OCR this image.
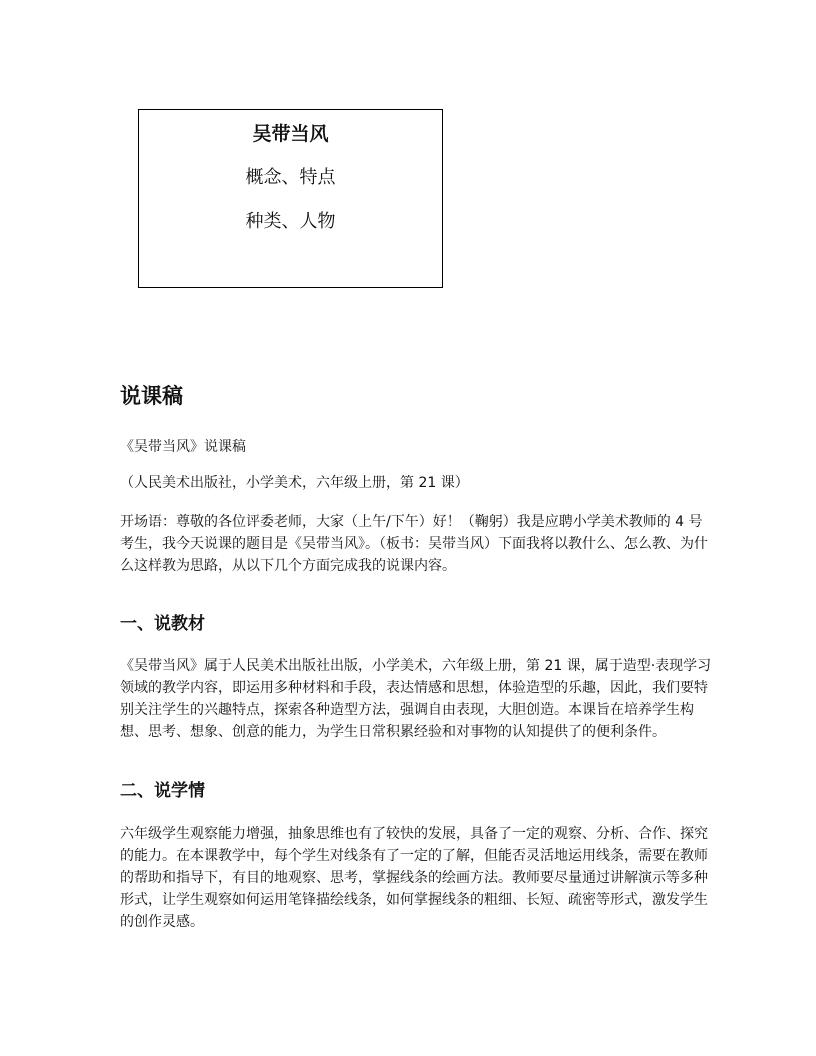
吴带当风
概念、特点
种类、人物
说课稿

《吴带当风》说课稿

（人民美术出版社，小学美术，六年级上册，第 21 课）

开场语：尊敬的各位评委老师，大家（上午/下午）好！（鞠躬）我是应聘小学美术教师的 4 号考生，我今天说课的题目是《吴带当风》。（板书：吴带当风）下面我将以教什么、怎么教、为什么这样教为思路，从以下几个方面完成我的说课内容。

一、说教材

《吴带当风》属于人民美术出版社出版，小学美术，六年级上册，第 21 课，属于造型·表现学习领域的教学内容，即运用多种材料和手段，表达情感和思想，体验造型的乐趣，因此，我们要特别关注学生的兴趣特点，探索各种造型方法，强调自由表现，大胆创造。本课旨在培养学生构想、思考、想象、创意的能力，为学生日常积累经验和对事物的认知提供了的便利条件。

二、说学情

六年级学生观察能力增强，抽象思维也有了较快的发展，具备了一定的观察、分析、合作、探究的能力。在本课教学中，每个学生对线条有了一定的了解，但能否灵活地运用线条，需要在教师的帮助和指导下，有目的地观察、思考，掌握线条的绘画方法。教师要尽量通过讲解演示等多种形式，让学生观察如何运用笔锋描绘线条，如何掌握线条的粗细、长短、疏密等形式，激发学生的创作灵感。
